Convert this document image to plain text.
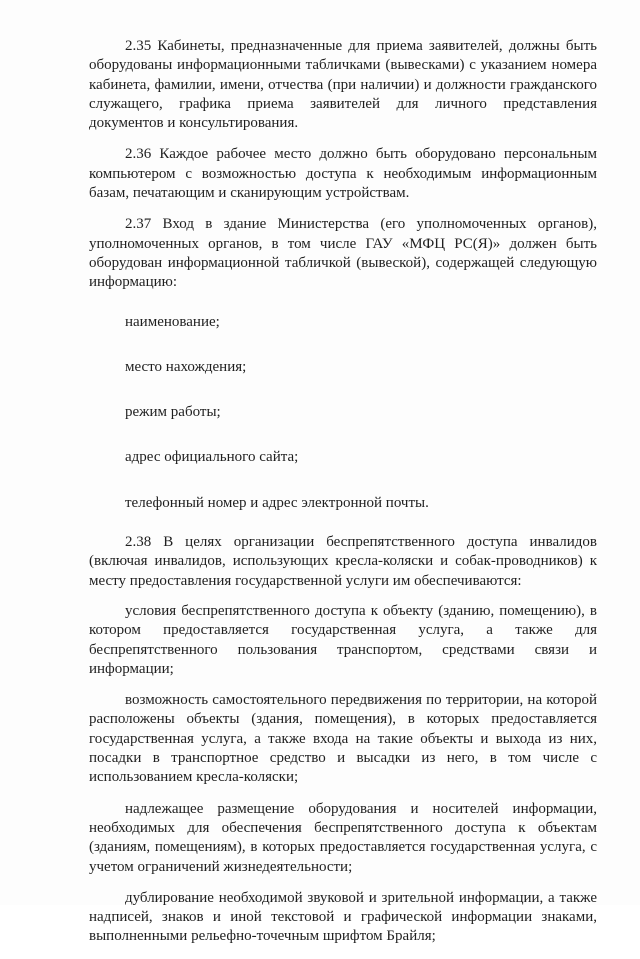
2.35 Кабинеты, предназначенные для приема заявителей, должны быть оборудованы информационными табличками (вывесками) с указанием номера кабинета, фамилии, имени, отчества (при наличии) и должности гражданского служащего, графика приема заявителей для личного представления документов и консультирования.

2.36 Каждое рабочее место должно быть оборудовано персональным компьютером с возможностью доступа к необходимым информационным базам, печатающим и сканирующим устройствам.

2.37 Вход в здание Министерства (его уполномоченных органов), уполномоченных органов, в том числе ГАУ «МФЦ РС(Я)» должен быть оборудован информационной табличкой (вывеской), содержащей следующую информацию:

наименование;

место нахождения;

режим работы;

адрес официального сайта;

телефонный номер и адрес электронной почты.

2.38 В целях организации беспрепятственного доступа инвалидов (включая инвалидов, использующих кресла-коляски и собак-проводников) к месту предоставления государственной услуги им обеспечиваются:

условия беспрепятственного доступа к объекту (зданию, помещению), в котором предоставляется государственная услуга, а также для беспрепятственного пользования транспортом, средствами связи и информации;

возможность самостоятельного передвижения по территории, на которой расположены объекты (здания, помещения), в которых предоставляется государственная услуга, а также входа на такие объекты и выхода из них, посадки в транспортное средство и высадки из него, в том числе с использованием кресла-коляски;

надлежащее размещение оборудования и носителей информации, необходимых для обеспечения беспрепятственного доступа к объектам (зданиям, помещениям), в которых предоставляется государственная услуга, с учетом ограничений жизнедеятельности;

дублирование необходимой звуковой и зрительной информации, а также надписей, знаков и иной текстовой и графической информации знаками, выполненными рельефно-точечным шрифтом Брайля;
